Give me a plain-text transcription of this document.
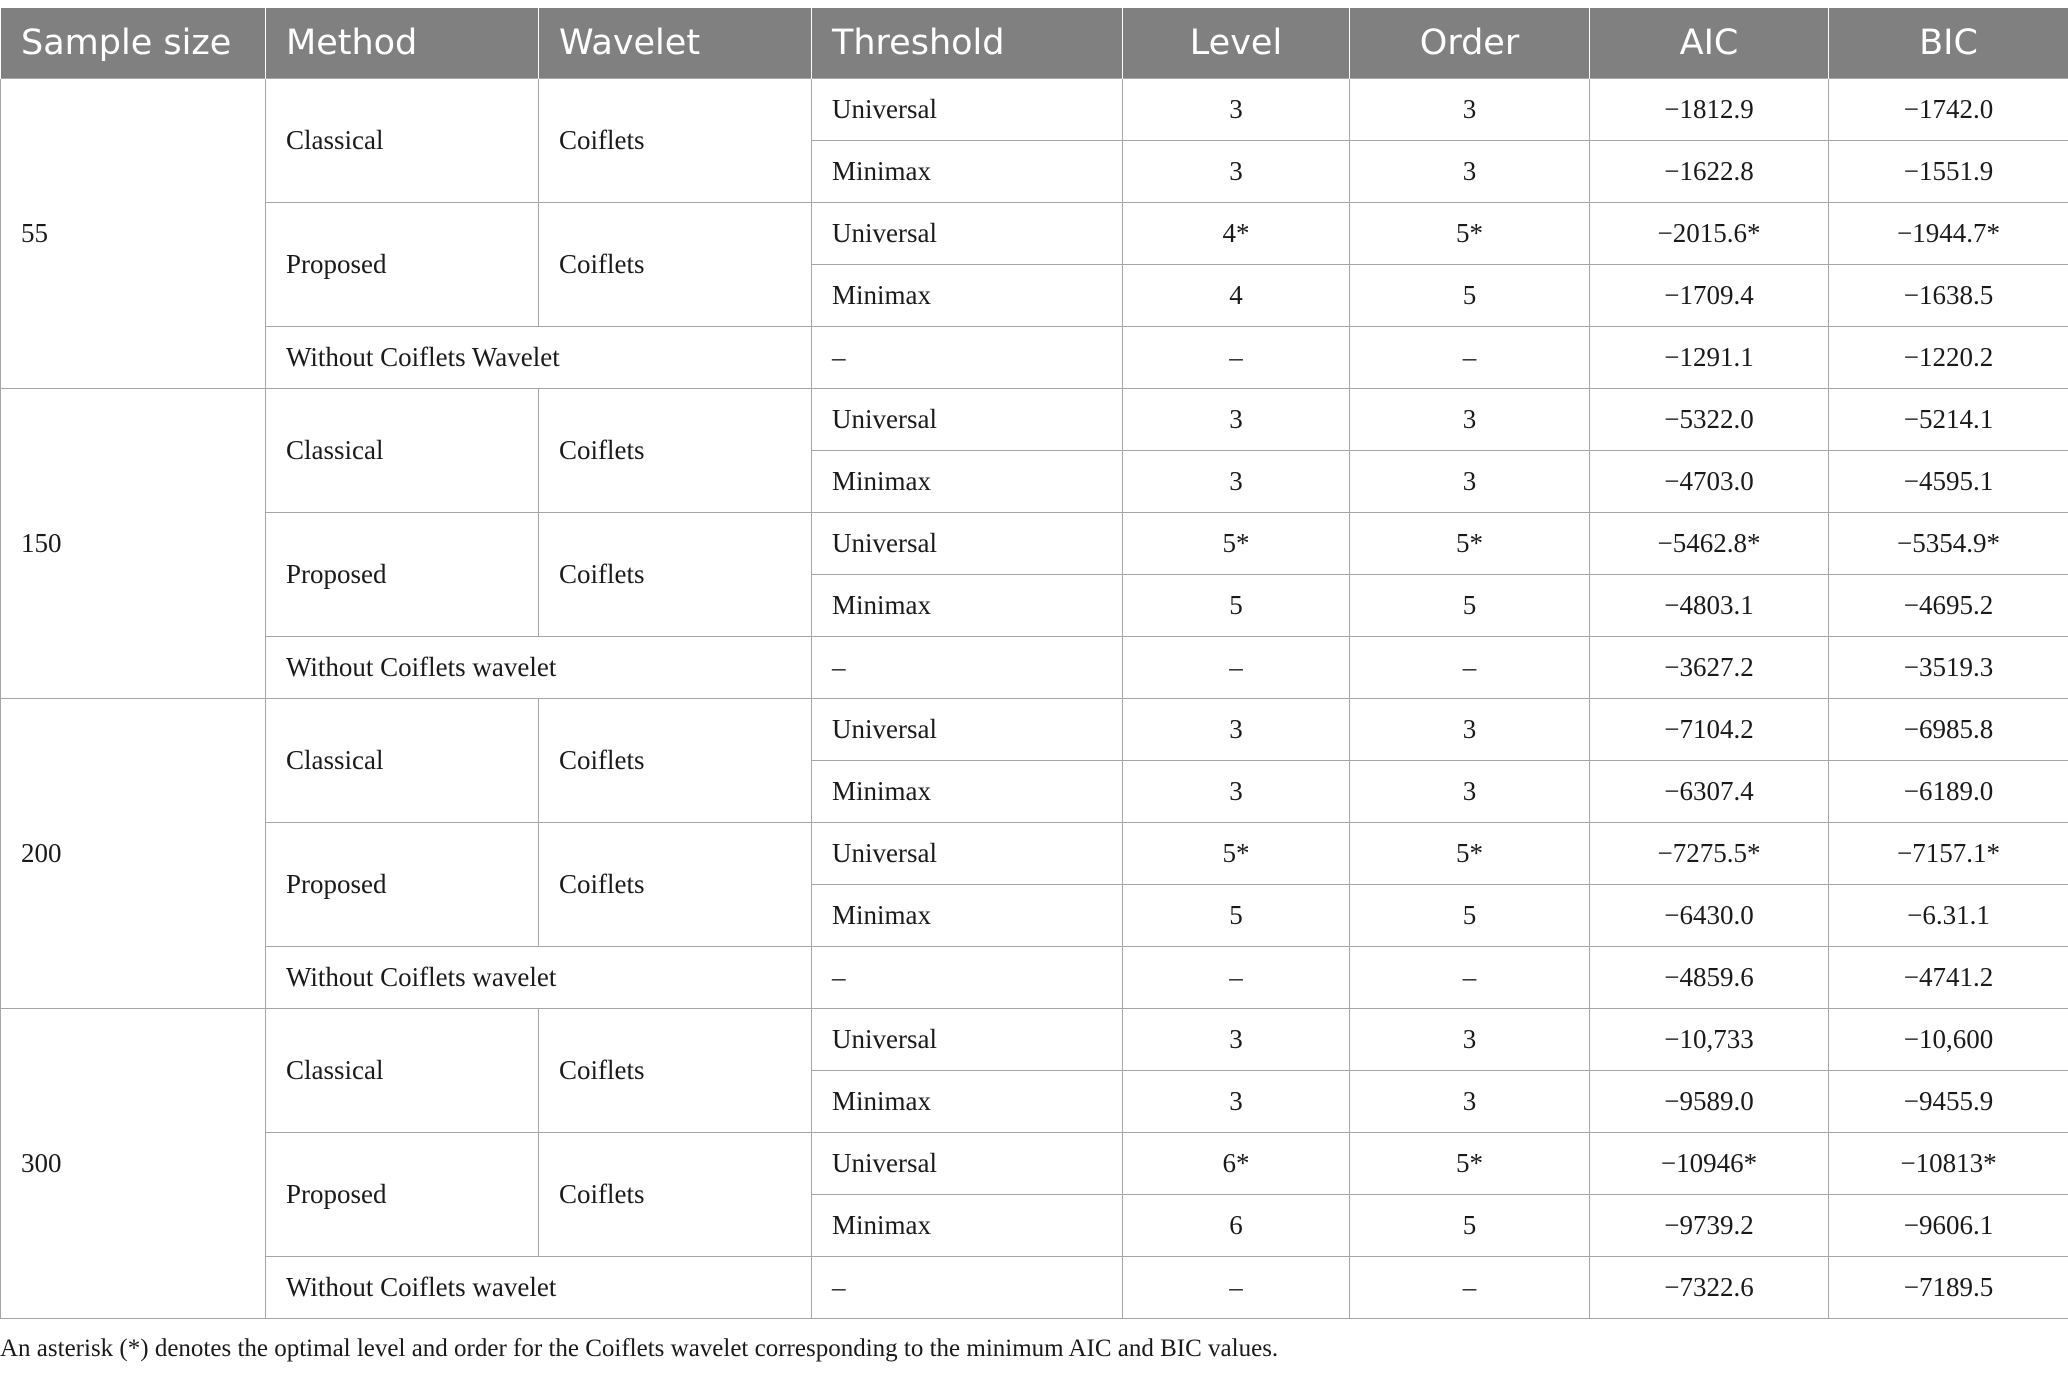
Sample size	Method	Wavelet	Threshold	Level	Order	AIC	BIC
55	Classical	Coiflets	Universal	3	3	−1812.9	−1742.0
			Minimax	3	3	−1622.8	−1551.9
	Proposed	Coiflets	Universal	4*	5*	−2015.6*	−1944.7*
			Minimax	4	5	−1709.4	−1638.5
	Without Coiflets Wavelet		–	–	–	−1291.1	−1220.2
150	Classical	Coiflets	Universal	3	3	−5322.0	−5214.1
			Minimax	3	3	−4703.0	−4595.1
	Proposed	Coiflets	Universal	5*	5*	−5462.8*	−5354.9*
			Minimax	5	5	−4803.1	−4695.2
	Without Coiflets wavelet		–	–	–	−3627.2	−3519.3
200	Classical	Coiflets	Universal	3	3	−7104.2	−6985.8
			Minimax	3	3	−6307.4	−6189.0
	Proposed	Coiflets	Universal	5*	5*	−7275.5*	−7157.1*
			Minimax	5	5	−6430.0	−6.31.1
	Without Coiflets wavelet		–	–	–	−4859.6	−4741.2
300	Classical	Coiflets	Universal	3	3	−10,733	−10,600
			Minimax	3	3	−9589.0	−9455.9
	Proposed	Coiflets	Universal	6*	5*	−10946*	−10813*
			Minimax	6	5	−9739.2	−9606.1
	Without Coiflets wavelet		–	–	–	−7322.6	−7189.5
An asterisk (*) denotes the optimal level and order for the Coiflets wavelet corresponding to the minimum AIC and BIC values.
